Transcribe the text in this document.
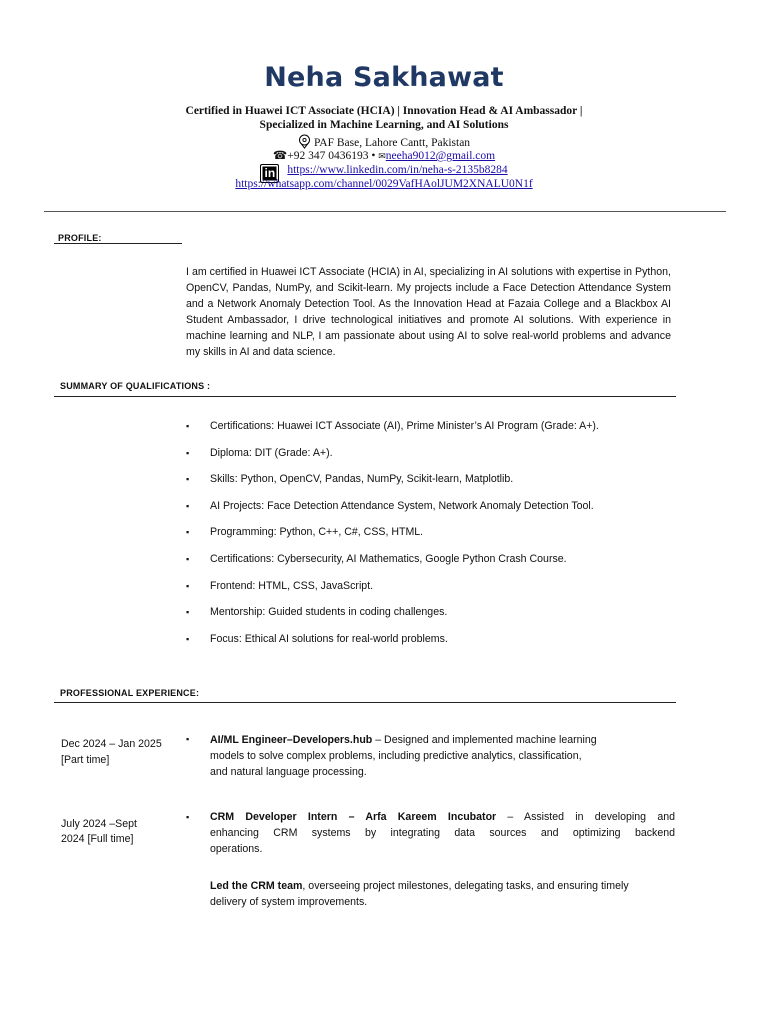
Neha Sakhawat
Certified in Huawei ICT Associate (HCIA) | Innovation Head & AI Ambassador |
Specialized in Machine Learning, and AI Solutions
PAF Base, Lahore Cantt, Pakistan
☎+92 347 0436193 • ✉neeha9012@gmail.com
in https://www.linkedin.com/in/neha-s-2135b8284
https://whatsapp.com/channel/0029VafHAolJUM2XNALU0N1f
PROFILE:
I am certified in Huawei ICT Associate (HCIA) in AI, specializing in AI solutions with expertise in Python, OpenCV, Pandas, NumPy, and Scikit-learn. My projects include a Face Detection Attendance System and a Network Anomaly Detection Tool. As the Innovation Head at Fazaia College and a Blackbox AI Student Ambassador, I drive technological initiatives and promote AI solutions. With experience in machine learning and NLP, I am passionate about using AI to solve real-world problems and advance my skills in AI and data science.
SUMMARY OF QUALIFICATIONS :
▪ Certifications: Huawei ICT Associate (AI), Prime Minister’s AI Program (Grade: A+).
▪ Diploma: DIT (Grade: A+).
▪ Skills: Python, OpenCV, Pandas, NumPy, Scikit-learn, Matplotlib.
▪ AI Projects: Face Detection Attendance System, Network Anomaly Detection Tool.
▪ Programming: Python, C++, C#, CSS, HTML.
▪ Certifications: Cybersecurity, AI Mathematics, Google Python Crash Course.
▪ Frontend: HTML, CSS, JavaScript.
▪ Mentorship: Guided students in coding challenges.
▪ Focus: Ethical AI solutions for real-world problems.
PROFESSIONAL EXPERIENCE:
Dec 2024 – Jan 2025
[Part time]
▪ AI/ML Engineer–Developers.hub – Designed and implemented machine learning
models to solve complex problems, including predictive analytics, classification,
and natural language processing.
July 2024 –Sept
2024 [Full time]
▪ CRM Developer Intern – Arfa Kareem Incubator – Assisted in developing and
enhancing CRM systems by integrating data sources and optimizing backend
operations.
Led the CRM team, overseeing project milestones, delegating tasks, and ensuring timely
delivery of system improvements.
